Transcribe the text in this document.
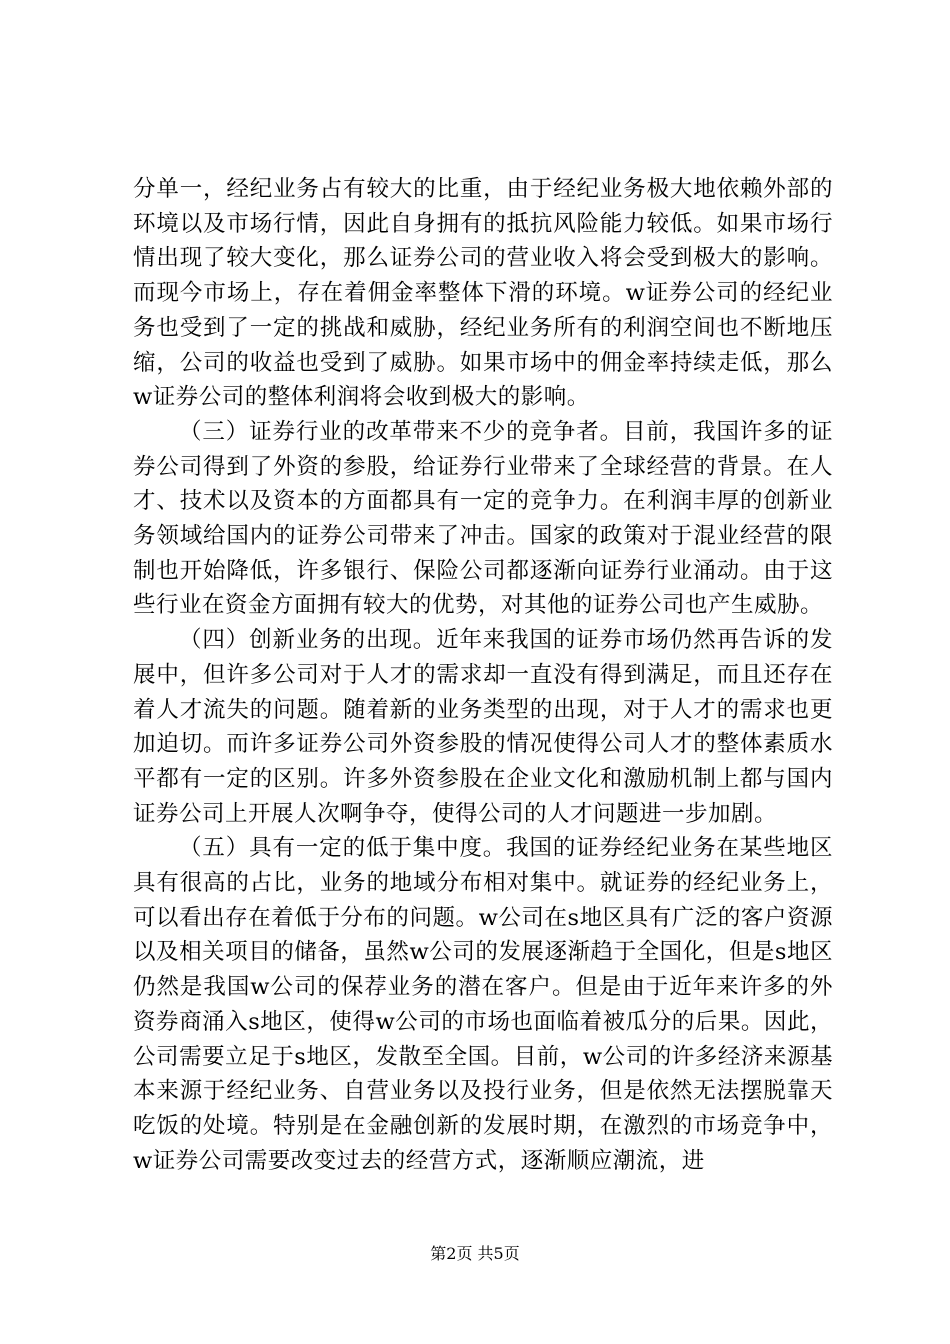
分单一，经纪业务占有较大的比重，由于经纪业务极大地依赖外部的环境以及市场行情，因此自身拥有的抵抗风险能力较低。如果市场行情出现了较大变化，那么证券公司的营业收入将会受到极大的影响。而现今市场上，存在着佣金率整体下滑的环境。w证券公司的经纪业务也受到了一定的挑战和威胁，经纪业务所有的利润空间也不断地压缩，公司的收益也受到了威胁。如果市场中的佣金率持续走低，那么w证券公司的整体利润将会收到极大的影响。

（三）证券行业的改革带来不少的竞争者。目前，我国许多的证券公司得到了外资的参股，给证券行业带来了全球经营的背景。在人才、技术以及资本的方面都具有一定的竞争力。在利润丰厚的创新业务领域给国内的证券公司带来了冲击。国家的政策对于混业经营的限制也开始降低，许多银行、保险公司都逐渐向证券行业涌动。由于这些行业在资金方面拥有较大的优势，对其他的证券公司也产生威胁。

（四）创新业务的出现。近年来我国的证券市场仍然再告诉的发展中，但许多公司对于人才的需求却一直没有得到满足，而且还存在着人才流失的问题。随着新的业务类型的出现，对于人才的需求也更加迫切。而许多证券公司外资参股的情况使得公司人才的整体素质水平都有一定的区别。许多外资参股在企业文化和激励机制上都与国内证券公司上开展人次啊争夺，使得公司的人才问题进一步加剧。

（五）具有一定的低于集中度。我国的证券经纪业务在某些地区具有很高的占比，业务的地域分布相对集中。就证券的经纪业务上，可以看出存在着低于分布的问题。w公司在s地区具有广泛的客户资源以及相关项目的储备，虽然w公司的发展逐渐趋于全国化，但是s地区仍然是我国w公司的保荐业务的潜在客户。但是由于近年来许多的外资券商涌入s地区，使得w公司的市场也面临着被瓜分的后果。因此，公司需要立足于s地区，发散至全国。目前，w公司的许多经济来源基本来源于经纪业务、自营业务以及投行业务，但是依然无法摆脱靠天吃饭的处境。特别是在金融创新的发展时期，在激烈的市场竞争中，w证券公司需要改变过去的经营方式，逐渐顺应潮流，进

第2页 共5页
